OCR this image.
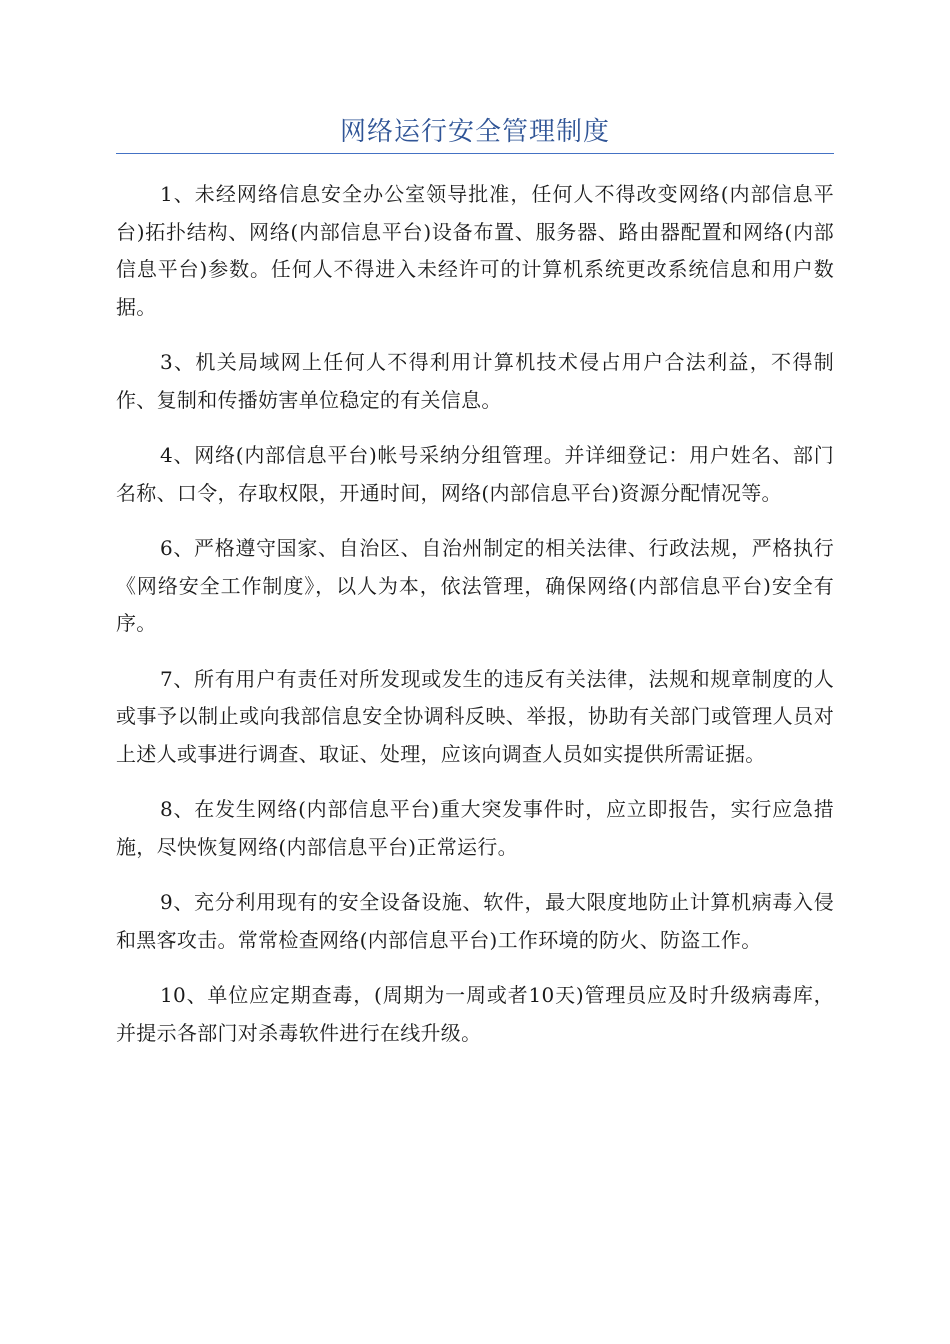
网络运行安全管理制度

1、未经网络信息安全办公室领导批准，任何人不得改变网络(内部信息平台)拓扑结构、网络(内部信息平台)设备布置、服务器、路由器配置和网络(内部信息平台)参数。任何人不得进入未经许可的计算机系统更改系统信息和用户数据。

3、机关局域网上任何人不得利用计算机技术侵占用户合法利益，不得制作、复制和传播妨害单位稳定的有关信息。

4、网络(内部信息平台)帐号采纳分组管理。并详细登记：用户姓名、部门名称、口令，存取权限，开通时间，网络(内部信息平台)资源分配情况等。

6、严格遵守国家、自治区、自治州制定的相关法律、行政法规，严格执行《网络安全工作制度》，以人为本，依法管理，确保网络(内部信息平台)安全有序。

7、所有用户有责任对所发现或发生的违反有关法律，法规和规章制度的人或事予以制止或向我部信息安全协调科反映、举报，协助有关部门或管理人员对上述人或事进行调查、取证、处理，应该向调查人员如实提供所需证据。

8、在发生网络(内部信息平台)重大突发事件时，应立即报告，实行应急措施，尽快恢复网络(内部信息平台)正常运行。

9、充分利用现有的安全设备设施、软件，最大限度地防止计算机病毒入侵和黑客攻击。常常检查网络(内部信息平台)工作环境的防火、防盗工作。

10、单位应定期查毒，(周期为一周或者10天)管理员应及时升级病毒库，并提示各部门对杀毒软件进行在线升级。
